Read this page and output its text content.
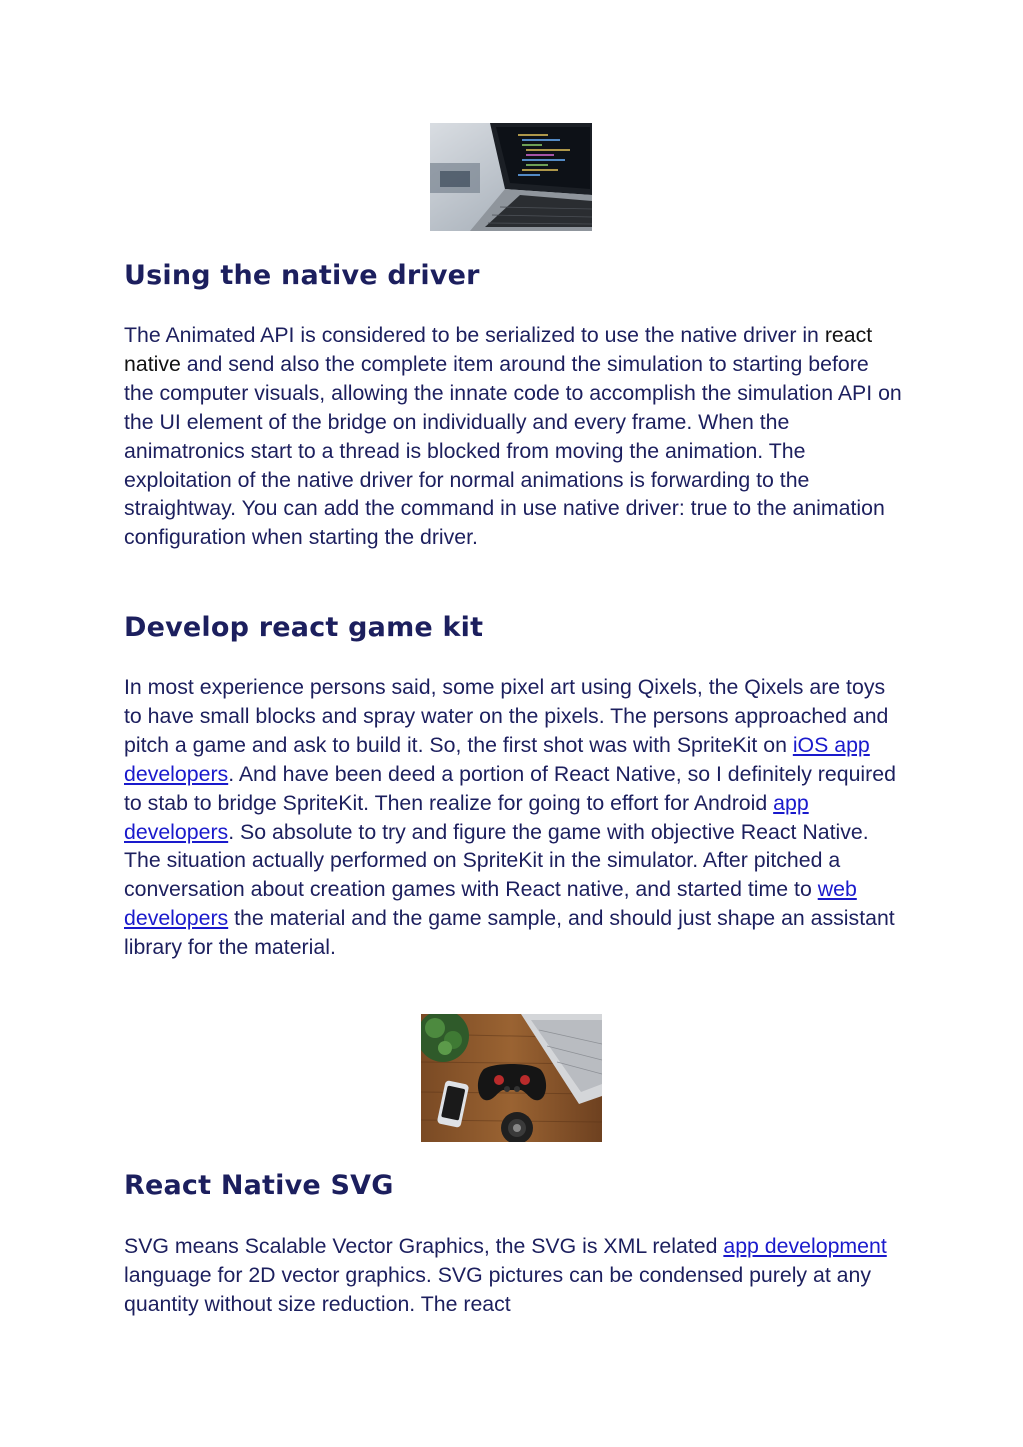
Using the native driver

The Animated API is considered to be serialized to use the native driver in react native and send also the complete item around the simulation to starting before the computer visuals, allowing the innate code to accomplish the simulation API on the UI element of the bridge on individually and every frame. When the animatronics start to a thread is blocked from moving the animation. The exploitation of the native driver for normal animations is forwarding to the straightway. You can add the command in use native driver: true to the animation configuration when starting the driver.

Develop react game kit

In most experience persons said, some pixel art using Qixels, the Qixels are toys to have small blocks and spray water on the pixels. The persons approached and pitch a game and ask to build it. So, the first shot was with SpriteKit on iOS app developers. And have been deed a portion of React Native, so I definitely required to stab to bridge SpriteKit. Then realize for going to effort for Android app developers. So absolute to try and figure the game with objective React Native. The situation actually performed on SpriteKit in the simulator. After pitched a conversation about creation games with React native, and started time to web developers the material and the game sample, and should just shape an assistant library for the material.

React Native SVG

SVG means Scalable Vector Graphics, the SVG is XML related app development language for 2D vector graphics. SVG pictures can be condensed purely at any quantity without size reduction. The react
